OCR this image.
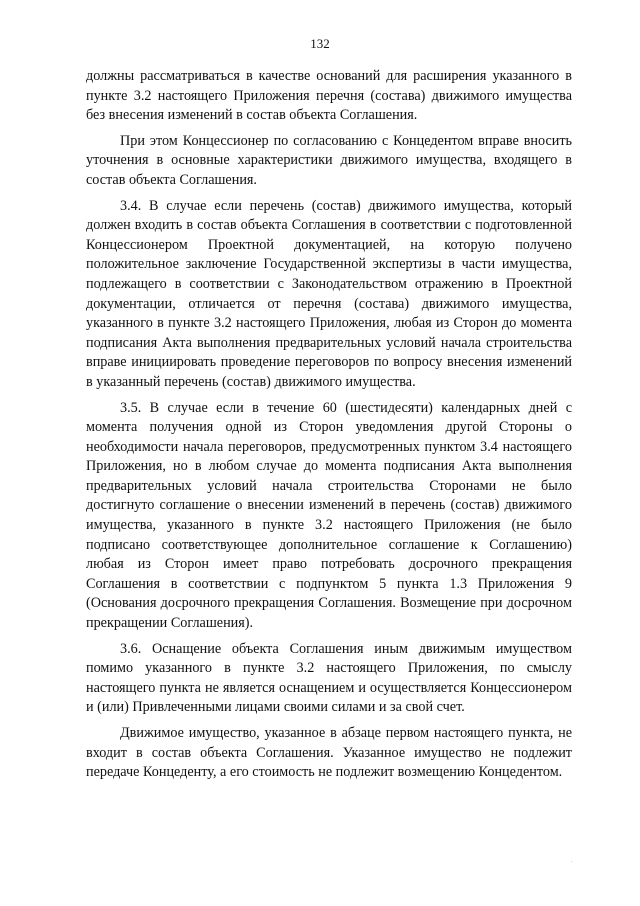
132

должны рассматриваться в качестве оснований для расширения указанного в пункте 3.2 настоящего Приложения перечня (состава) движимого имущества без внесения изменений в состав объекта Соглашения.

При этом Концессионер по согласованию с Концедентом вправе вносить уточнения в основные характеристики движимого имущества, входящего в состав объекта Соглашения.

3.4. В случае если перечень (состав) движимого имущества, который должен входить в состав объекта Соглашения в соответствии с подготовленной Концессионером Проектной документацией, на которую получено положительное заключение Государственной экспертизы в части имущества, подлежащего в соответствии с Законодательством отражению в Проектной документации, отличается от перечня (состава) движимого имущества, указанного в пункте 3.2 настоящего Приложения, любая из Сторон до момента подписания Акта выполнения предварительных условий начала строительства вправе инициировать проведение переговоров по вопросу внесения изменений в указанный перечень (состав) движимого имущества.

3.5. В случае если в течение 60 (шестидесяти) календарных дней с момента получения одной из Сторон уведомления другой Стороны о необходимости начала переговоров, предусмотренных пунктом 3.4 настоящего Приложения, но в любом случае до момента подписания Акта выполнения предварительных условий начала строительства Сторонами не было достигнуто соглашение о внесении изменений в перечень (состав) движимого имущества, указанного в пункте 3.2 настоящего Приложения (не было подписано соответствующее дополнительное соглашение к Соглашению) любая из Сторон имеет право потребовать досрочного прекращения Соглашения в соответствии с подпунктом 5 пункта 1.3 Приложения 9 (Основания досрочного прекращения Соглашения. Возмещение при досрочном прекращении Соглашения).

3.6. Оснащение объекта Соглашения иным движимым имуществом помимо указанного в пункте 3.2 настоящего Приложения, по смыслу настоящего пункта не является оснащением и осуществляется Концессионером и (или) Привлеченными лицами своими силами и за свой счет.

Движимое имущество, указанное в абзаце первом настоящего пункта, не входит в состав объекта Соглашения. Указанное имущество не подлежит передаче Концеденту, а его стоимость не подлежит возмещению Концедентом.

.
